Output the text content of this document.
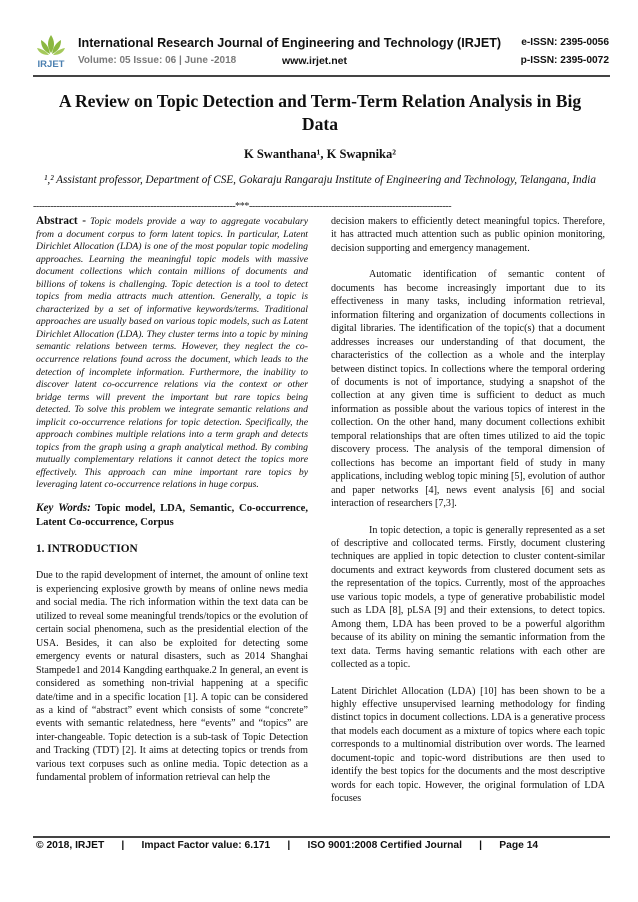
IRJET
International Research Journal of Engineering and Technology (IRJET) e-ISSN: 2395-0056
Volume: 05 Issue: 06 | June -2018	www.irjet.net	p-ISSN: 2395-0072
A Review on Topic Detection and Term-Term Relation Analysis in Big Data
K Swanthana¹, K Swapnika²
¹,² Assistant professor, Department of CSE, Gokaraju Rangaraju Institute of Engineering and Technology, Telangana, India
---------------------------------------------------------------------***---------------------------------------------------------------------

Abstract - Topic models provide a way to aggregate vocabulary from a document corpus to form latent topics. In particular, Latent Dirichlet Allocation (LDA) is one of the most popular topic modeling approaches. Learning the meaningful topic models with massive document collections which contain millions of documents and billions of tokens is challenging. Topic detection is a tool to detect topics from media attracts much attention. Generally, a topic is characterized by a set of informative keywords/terms. Traditional approaches are usually based on various topic models, such as Latent Dirichlet Allocation (LDA). They cluster terms into a topic by mining semantic relations between terms. However, they neglect the co-occurrence relations found across the document, which leads to the detection of incomplete information. Furthermore, the inability to discover latent co-occurrence relations via the context or other bridge terms will prevent the important but rare topics being detected. To solve this problem we integrate semantic relations and implicit co-occurrence relations for topic detection. Specifically, the approach combines multiple relations into a term graph and detects topics from the graph using a graph analytical method. By combing mutually complementary relations it cannot detect the topics more effectively. This approach can mine important rare topics by leveraging latent co-occurrence relations in huge corpus.

Key Words: Topic model, LDA, Semantic, Co-occurrence, Latent Co-occurrence, Corpus

1. INTRODUCTION

Due to the rapid development of internet, the amount of online text is experiencing explosive growth by means of online news media and social media. The rich information within the text data can be utilized to reveal some meaningful trends/topics or the evolution of certain social phenomena, such as the presidential election of the USA. Besides, it can also be exploited for detecting some emergency events or natural disasters, such as 2014 Shanghai Stampede1 and 2014 Kangding earthquake.2 In general, an event is considered as something non-trivial happening at a specific date/time and in a specific location [1]. A topic can be considered as a kind of “abstract” event which consists of some “concrete” events with semantic relatedness, here “events” and “topics” are inter-changeable. Topic detection is a sub-task of Topic Detection and Tracking (TDT) [2]. It aims at detecting topics or trends from various text corpuses such as online media. Topic detection as a fundamental problem of information retrieval can help the

decision makers to efficiently detect meaningful topics. Therefore, it has attracted much attention such as public opinion monitoring, decision supporting and emergency management.

Automatic identification of semantic content of documents has become increasingly important due to its effectiveness in many tasks, including information retrieval, information filtering and organization of documents collections in digital libraries. The identification of the topic(s) that a document addresses increases our understanding of that document, the characteristics of the collection as a whole and the interplay between distinct topics. In collections where the temporal ordering of documents is not of importance, studying a snapshot of the collection at any given time is sufficient to deduct as much information as possible about the various topics of interest in the collection. On the other hand, many document collections exhibit temporal relationships that are often times utilized to aid the topic discovery process. The analysis of the temporal dimension of collections has become an important field of study in many applications, including weblog topic mining [5], evolution of author and paper networks [4], news event analysis [6] and social interaction of researchers [7,3].

In topic detection, a topic is generally represented as a set of descriptive and collocated terms. Firstly, document clustering techniques are applied in topic detection to cluster content-similar documents and extract keywords from clustered document sets as the representation of the topics. Currently, most of the approaches use various topic models, a type of generative probabilistic model such as LDA [8], pLSA [9] and their extensions, to detect topics. Among them, LDA has been proved to be a powerful algorithm because of its ability on mining the semantic information from the text data. Terms having semantic relations with each other are collected as a topic.

Latent Dirichlet Allocation (LDA) [10] has been shown to be a highly effective unsupervised learning methodology for finding distinct topics in document collections. LDA is a generative process that models each document as a mixture of topics where each topic corresponds to a multinomial distribution over words. The learned document-topic and topic-word distributions are then used to identify the best topics for the documents and the most descriptive words for each topic. However, the original formulation of LDA focuses

© 2018, IRJET      |      Impact Factor value: 6.171      |      ISO 9001:2008 Certified Journal      |      Page 14
